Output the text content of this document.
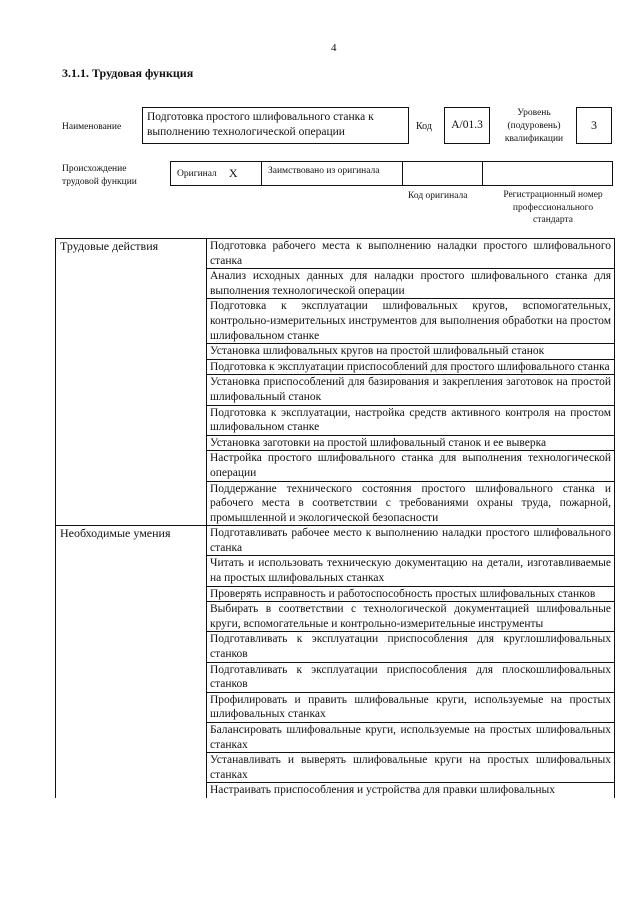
4
3.1.1. Трудовая функция
Наименование
Подготовка простого шлифовального станка к
выполнению технологической операции	Код	А/01.3
Уровень
(подуровень)
квалификации
3
Происхождение
трудовой функции
Оригинал X	Заимствовано из оригинала
Код оригинала	Регистрационный номер
профессионального
стандарта
Трудовые действия	Подготовка рабочего места к выполнению наладки простого шлифовального станка
	Анализ исходных данных для наладки простого шлифовального станка для выполнения технологической операции
	Подготовка к эксплуатации шлифовальных кругов, вспомогательных, контрольно-измерительных инструментов для выполнения обработки на простом шлифовальном станке
	Установка шлифовальных кругов на простой шлифовальный станок
	Подготовка к эксплуатации приспособлений для простого шлифовального станка
	Установка приспособлений для базирования и закрепления заготовок на простой шлифовальный станок
	Подготовка к эксплуатации, настройка средств активного контроля на простом шлифовальном станке
	Установка заготовки на простой шлифовальный станок и ее выверка
	Настройка простого шлифовального станка для выполнения технологической операции
	Поддержание технического состояния простого шлифовального станка и рабочего места в соответствии с требованиями охраны труда, пожарной, промышленной и экологической безопасности
Необходимые умения	Подготавливать рабочее место к выполнению наладки простого шлифовального станка
	Читать и использовать техническую документацию на детали, изготавливаемые на простых шлифовальных станках
	Проверять исправность и работоспособность простых шлифовальных станков
	Выбирать в соответствии с технологической документацией шлифовальные круги, вспомогательные и контрольно-измерительные инструменты
	Подготавливать к эксплуатации приспособления для круглошлифовальных станков
	Подготавливать к эксплуатации приспособления для плоскошлифовальных станков
	Профилировать и править шлифовальные круги, используемые на простых шлифовальных станках
	Балансировать шлифовальные круги, используемые на простых шлифовальных станках
	Устанавливать и выверять шлифовальные круги на простых шлифовальных станках
	Настраивать приспособления и устройства для правки шлифовальных
